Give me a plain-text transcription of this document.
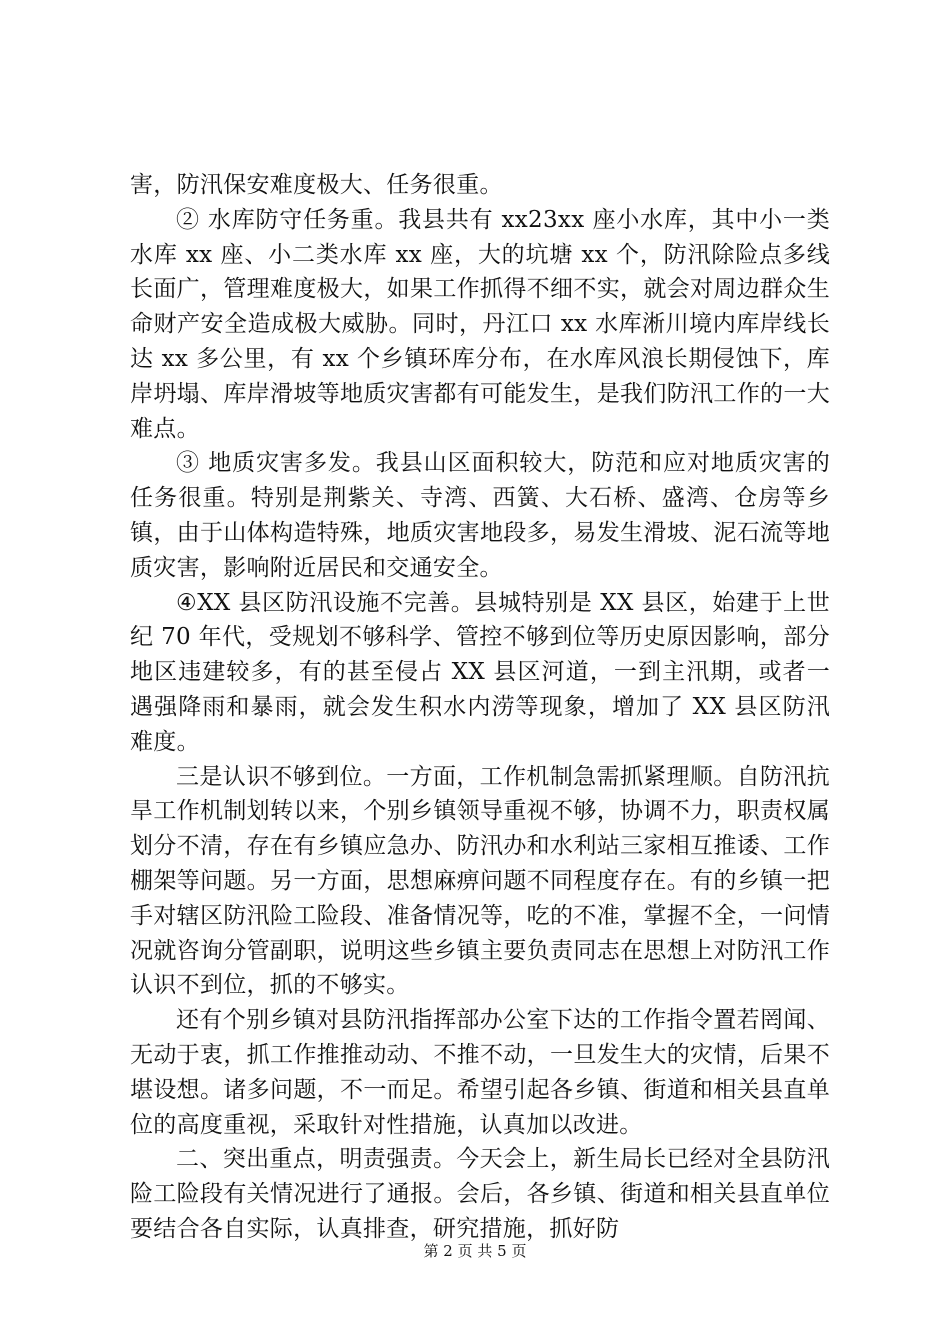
害，防汛保安难度极大、任务很重。

② 水库防守任务重。我县共有 xx23xx 座小水库，其中小一类水库 xx 座、小二类水库 xx 座，大的坑塘 xx 个，防汛除险点多线长面广，管理难度极大，如果工作抓得不细不实，就会对周边群众生命财产安全造成极大威胁。同时，丹江口 xx 水库淅川境内库岸线长达 xx 多公里，有 xx 个乡镇环库分布，在水库风浪长期侵蚀下，库岸坍塌、库岸滑坡等地质灾害都有可能发生，是我们防汛工作的一大难点。

③ 地质灾害多发。我县山区面积较大，防范和应对地质灾害的任务很重。特别是荆紫关、寺湾、西簧、大石桥、盛湾、仓房等乡镇，由于山体构造特殊，地质灾害地段多，易发生滑坡、泥石流等地质灾害，影响附近居民和交通安全。

④XX 县区防汛设施不完善。县城特别是 XX 县区，始建于上世纪 70 年代，受规划不够科学、管控不够到位等历史原因影响，部分地区违建较多，有的甚至侵占 XX 县区河道，一到主汛期，或者一遇强降雨和暴雨，就会发生积水内涝等现象，增加了 XX 县区防汛难度。

三是认识不够到位。一方面，工作机制急需抓紧理顺。自防汛抗旱工作机制划转以来，个别乡镇领导重视不够，协调不力，职责权属划分不清，存在有乡镇应急办、防汛办和水利站三家相互推诿、工作棚架等问题。另一方面，思想麻痹问题不同程度存在。有的乡镇一把手对辖区防汛险工险段、准备情况等，吃的不准，掌握不全，一问情况就咨询分管副职，说明这些乡镇主要负责同志在思想上对防汛工作认识不到位，抓的不够实。

还有个别乡镇对县防汛指挥部办公室下达的工作指令置若罔闻、无动于衷，抓工作推推动动、不推不动，一旦发生大的灾情，后果不堪设想。诸多问题，不一而足。希望引起各乡镇、街道和相关县直单位的高度重视，采取针对性措施，认真加以改进。

二、突出重点，明责强责。今天会上，新生局长已经对全县防汛险工险段有关情况进行了通报。会后，各乡镇、街道和相关县直单位要结合各自实际，认真排查，研究措施，抓好防

第 2 页 共 5 页
